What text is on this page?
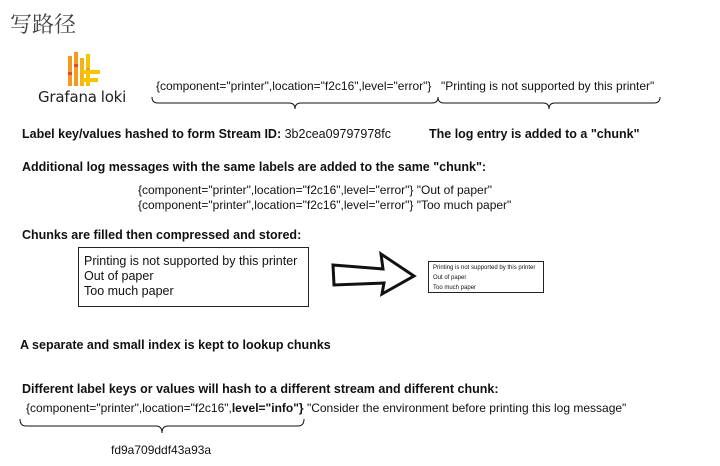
写路径
Grafana loki
{component="printer",location="f2c16",level="error"} "Printing is not supported by this printer"
Label key/values hashed to form Stream ID: 3b2cea09797978fc	The log entry is added to a "chunk"
Additional log messages with the same labels are added to the same "chunk":
{component="printer",location="f2c16",level="error"} "Out of paper"
{component="printer",location="f2c16",level="error"} "Too much paper"
Chunks are filled then compressed and stored:
Printing is not supported by this printer
Out of paper
Too much paper
Printing is not supported by this printer
Out of paper
Too much paper
A separate and small index is kept to lookup chunks
Different label keys or values will hash to a different stream and different chunk:
{component="printer",location="f2c16",level="info"} "Consider the environment before printing this log message"
fd9a709ddf43a93a
